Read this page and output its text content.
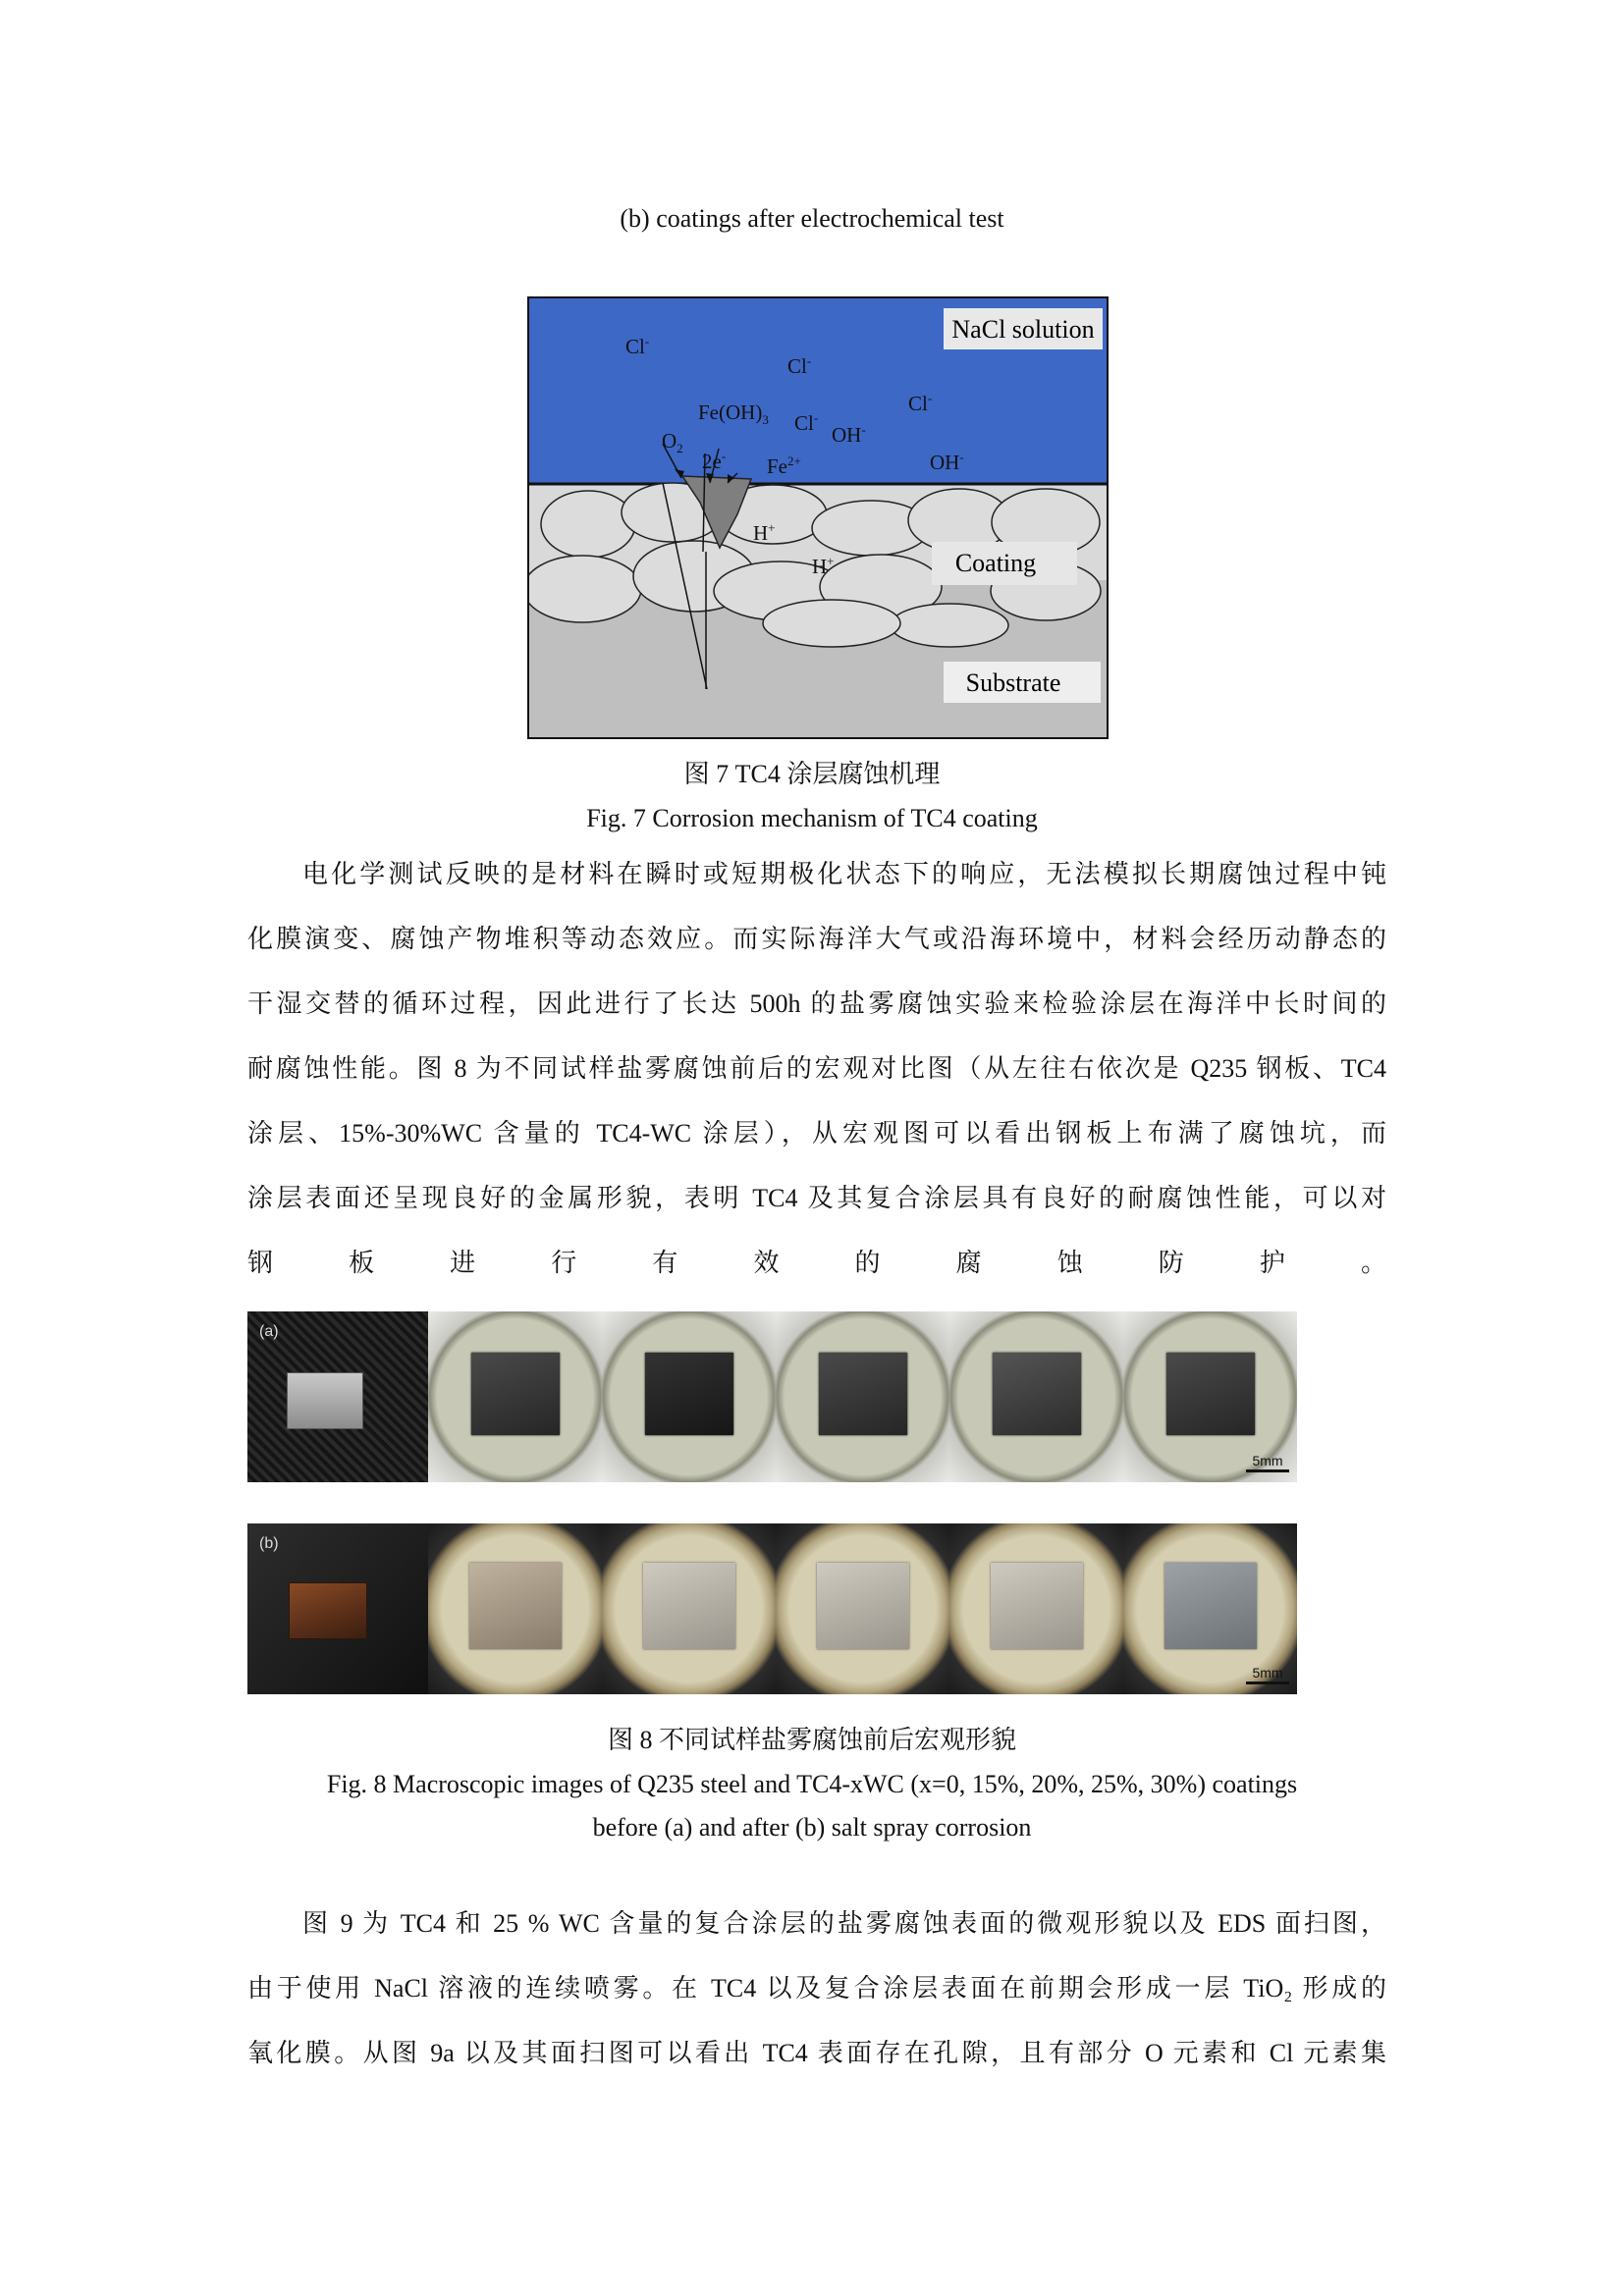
(b) coatings after electrochemical test
NaCl solution
Coating
Substrate
Cl-
Cl-
Cl-
Cl-
$Fe(OH)_3$
$O_2$
2e- $Fe^{2+}$
OH-
OH-
H+
H+
图 7 TC4 涂层腐蚀机理
Fig. 7 Corrosion mechanism of TC4 coating
电化学测试反映的是材料在瞬时或短期极化状态下的响应，无法模拟长期腐蚀过程中钝
化膜演变、腐蚀产物堆积等动态效应。而实际海洋大气或沿海环境中，材料会经历动静态的
干湿交替的循环过程，因此进行了长达 500h 的盐雾腐蚀实验来检验涂层在海洋中长时间的
耐腐蚀性能。图 8 为不同试样盐雾腐蚀前后的宏观对比图（从左往右依次是 Q235 钢板、TC4
涂层、15%-30%WC 含量的 TC4-WC 涂层），从宏观图可以看出钢板上布满了腐蚀坑，而
涂层表面还呈现良好的金属形貌，表明 TC4 及其复合涂层具有良好的耐腐蚀性能，可以对
钢板进行有效的腐蚀防护。
(a)
5mm
(b)
5mm
图 8 不同试样盐雾腐蚀前后宏观形貌
Fig. 8 Macroscopic images of Q235 steel and TC4-xWC (x=0, 15%, 20%, 25%, 30%) coatings
before (a) and after (b) salt spray corrosion
图 9 为 TC4 和 25 % WC 含量的复合涂层的盐雾腐蚀表面的微观形貌以及 EDS 面扫图，
由于使用 NaCl 溶液的连续喷雾。在 TC4 以及复合涂层表面在前期会形成一层 TiO₂ 形成的
氧化膜。从图 9a 以及其面扫图可以看出 TC4 表面存在孔隙，且有部分 O 元素和 Cl 元素集
